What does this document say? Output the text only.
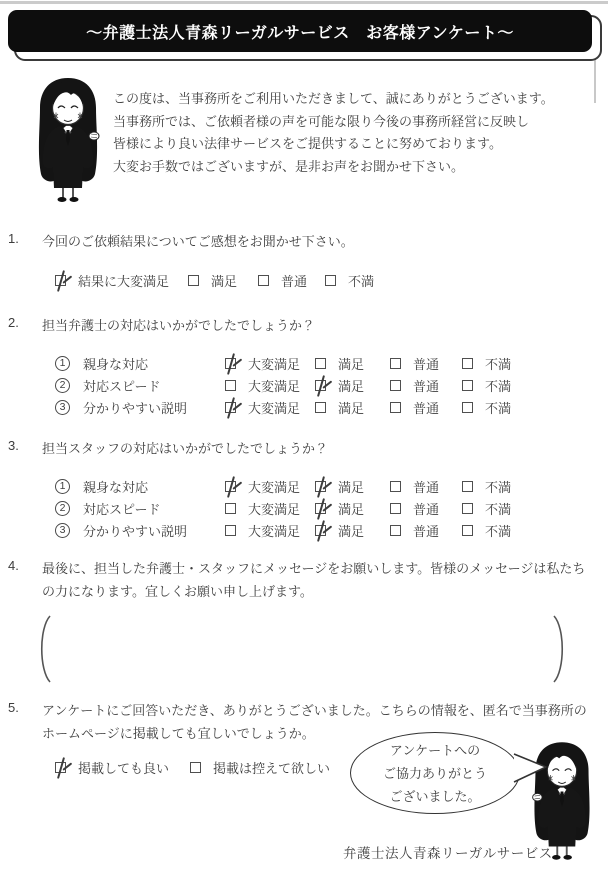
～弁護士法人青森リーガルサービス　お客様アンケート～
この度は、当事務所をご利用いただきまして、誠にありがとうございます。
当事務所では、ご依頼者様の声を可能な限り今後の事務所経営に反映し
皆様により良い法律サービスをご提供することに努めております。
大変お手数ではございますが、是非お声をお聞かせ下さい。
1. 今回のご依頼結果についてご感想をお聞かせ下さい。
結果に大変満足	満足	普通	不満
2. 担当弁護士の対応はいかがでしたでしょうか？
1	親身な対応	大変満足	満足	普通	不満
2	対応スピード	大変満足	満足	普通	不満
3	分かりやすい説明	大変満足	満足	普通	不満
3. 担当スタッフの対応はいかがでしたでしょうか？
1	親身な対応	大変満足	満足	普通	不満
2	対応スピード	大変満足	満足	普通	不満
3	分かりやすい説明	大変満足	満足	普通	不満
4. 最後に、担当した弁護士・スタッフにメッセージをお願いします。皆様のメッセージは私たちの力になります。宜しくお願い申し上げます。
5. アンケートにご回答いただき、ありがとうございました。こちらの情報を、匿名で当事務所のホームページに掲載しても宜しいでしょうか。
掲載しても良い	掲載は控えて欲しい
アンケートへの
ご協力ありがとう
ございました。
弁護士法人青森リーガルサービス
